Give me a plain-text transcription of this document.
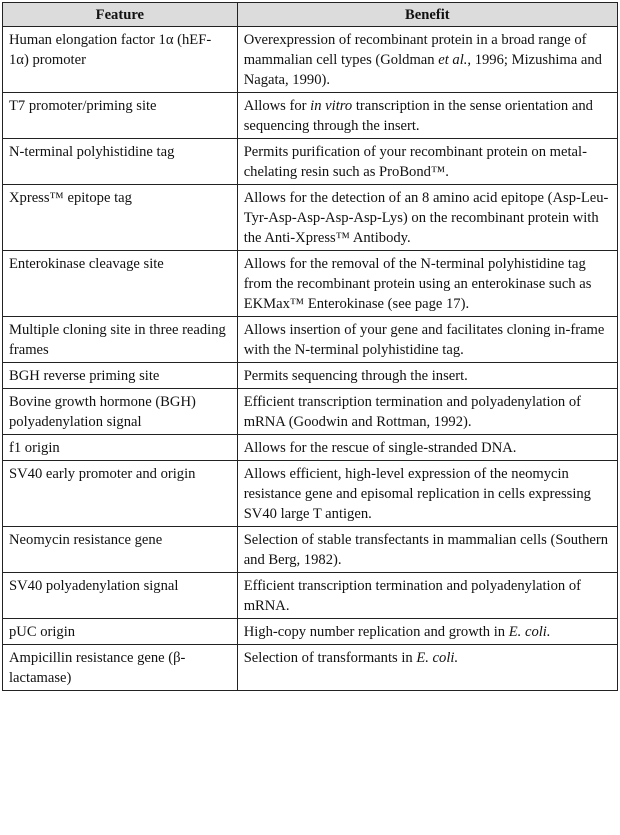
Feature	Benefit
Human elongation factor 1α (hEF-1α) promoter	Overexpression of recombinant protein in a broad range of mammalian cell types (Goldman et al., 1996; Mizushima and Nagata, 1990).
T7 promoter/priming site	Allows for in vitro transcription in the sense orientation and sequencing through the insert.
N-terminal polyhistidine tag	Permits purification of your recombinant protein on metal-chelating resin such as ProBond™.
Xpress™ epitope tag	Allows for the detection of an 8 amino acid epitope (Asp-Leu-Tyr-Asp-Asp-Asp-Asp-Lys) on the recombinant protein with the Anti-Xpress™ Antibody.
Enterokinase cleavage site	Allows for the removal of the N-terminal polyhistidine tag from the recombinant protein using an enterokinase such as EKMax™ Enterokinase (see page 17).
Multiple cloning site in three reading frames	Allows insertion of your gene and facilitates cloning in-frame with the N-terminal polyhistidine tag.
BGH reverse priming site	Permits sequencing through the insert.
Bovine growth hormone (BGH) polyadenylation signal	Efficient transcription termination and polyadenylation of mRNA (Goodwin and Rottman, 1992).
f1 origin	Allows for the rescue of single-stranded DNA.
SV40 early promoter and origin	Allows efficient, high-level expression of the neomycin resistance gene and episomal replication in cells expressing SV40 large T antigen.
Neomycin resistance gene	Selection of stable transfectants in mammalian cells (Southern and Berg, 1982).
SV40 polyadenylation signal	Efficient transcription termination and polyadenylation of mRNA.
pUC origin	High-copy number replication and growth in E. coli.
Ampicillin resistance gene (β-lactamase)	Selection of transformants in E. coli.
